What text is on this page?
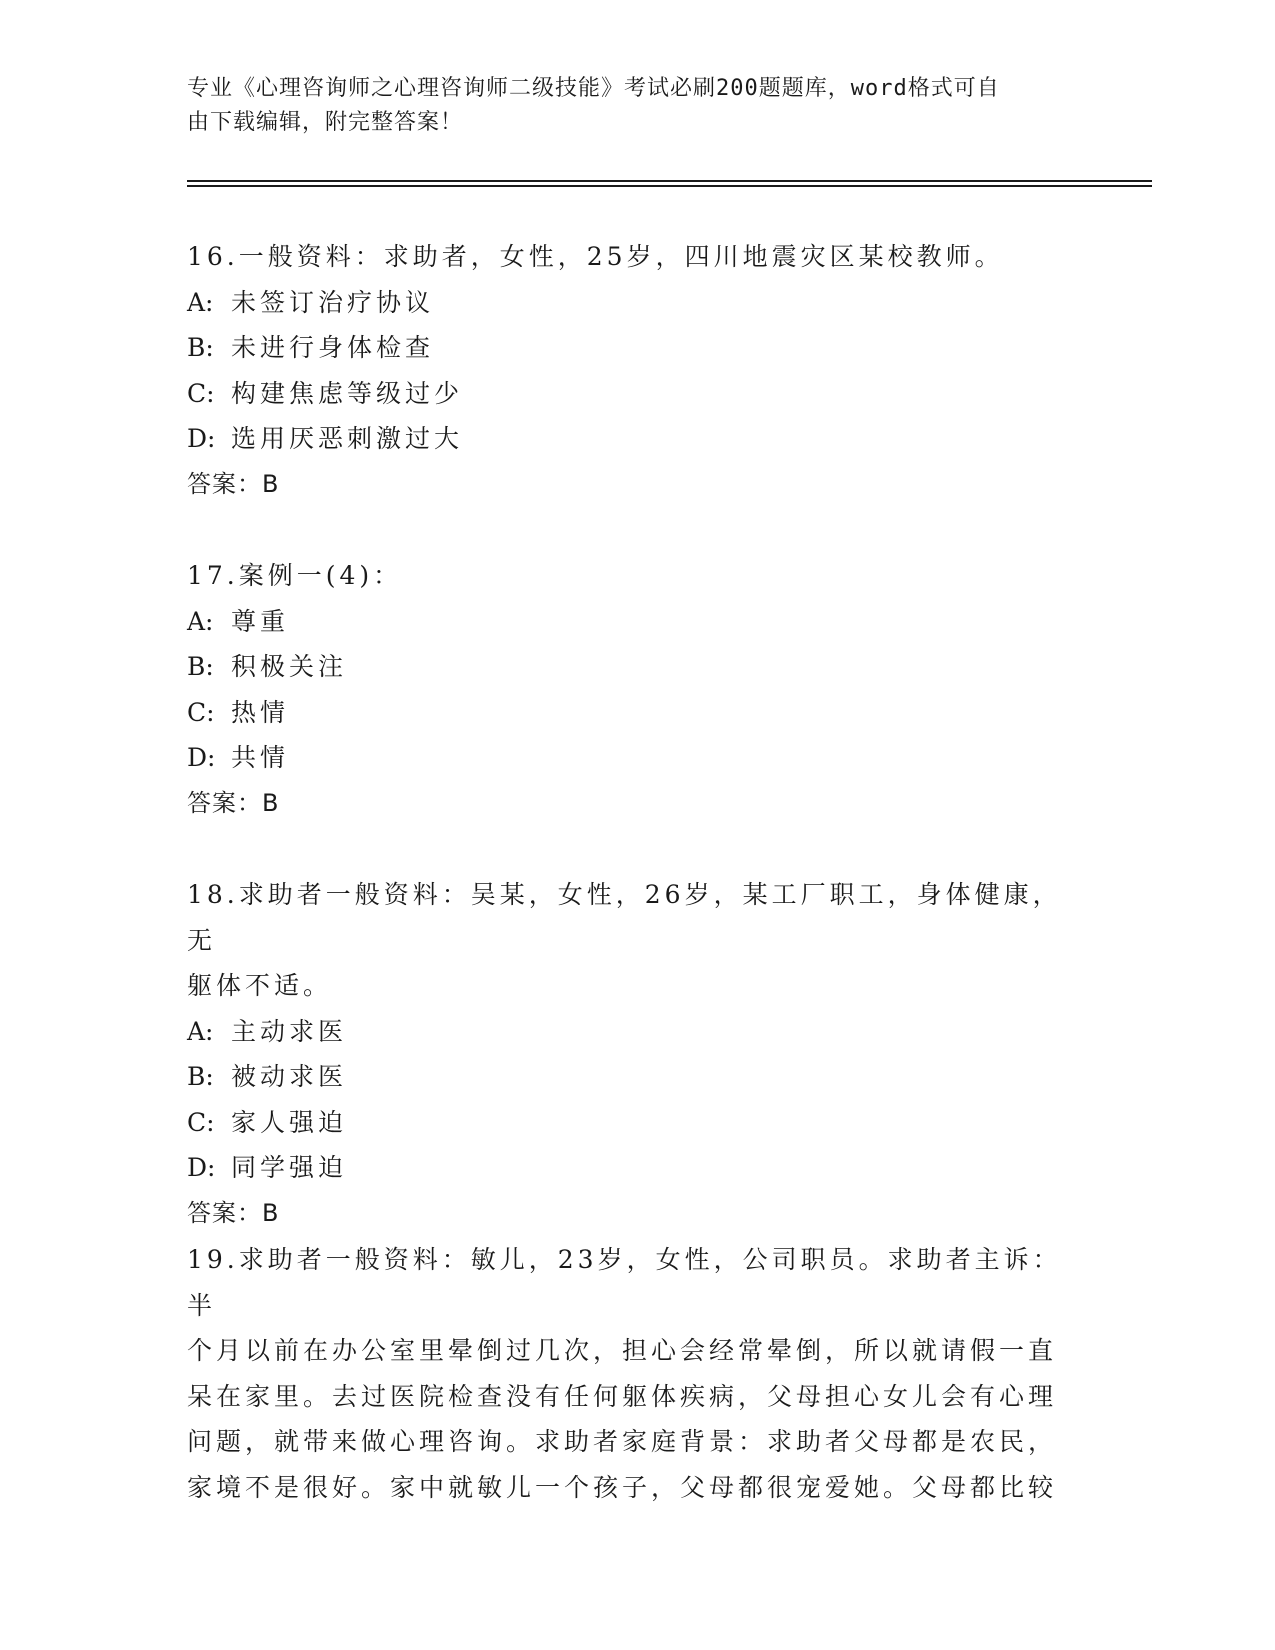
专业《心理咨询师之心理咨询师二级技能》考试必刷200题题库，word格式可自
由下载编辑，附完整答案！

16.一般资料：求助者，女性，25岁，四川地震灾区某校教师。

A: 未签订治疗协议

B: 未进行身体检查

C: 构建焦虑等级过少

D: 选用厌恶刺激过大

答案：B

17.案例一(4)：

A: 尊重

B: 积极关注

C: 热情

D: 共情

答案：B

18.求助者一般资料：吴某，女性，26岁，某工厂职工，身体健康，无

躯体不适。

A: 主动求医

B: 被动求医

C: 家人强迫

D: 同学强迫

答案：B

19.求助者一般资料：敏儿，23岁，女性，公司职员。求助者主诉：半

个月以前在办公室里晕倒过几次，担心会经常晕倒，所以就请假一直

呆在家里。去过医院检查没有任何躯体疾病，父母担心女儿会有心理

问题，就带来做心理咨询。求助者家庭背景：求助者父母都是农民，

家境不是很好。家中就敏儿一个孩子，父母都很宠爱她。父母都比较
